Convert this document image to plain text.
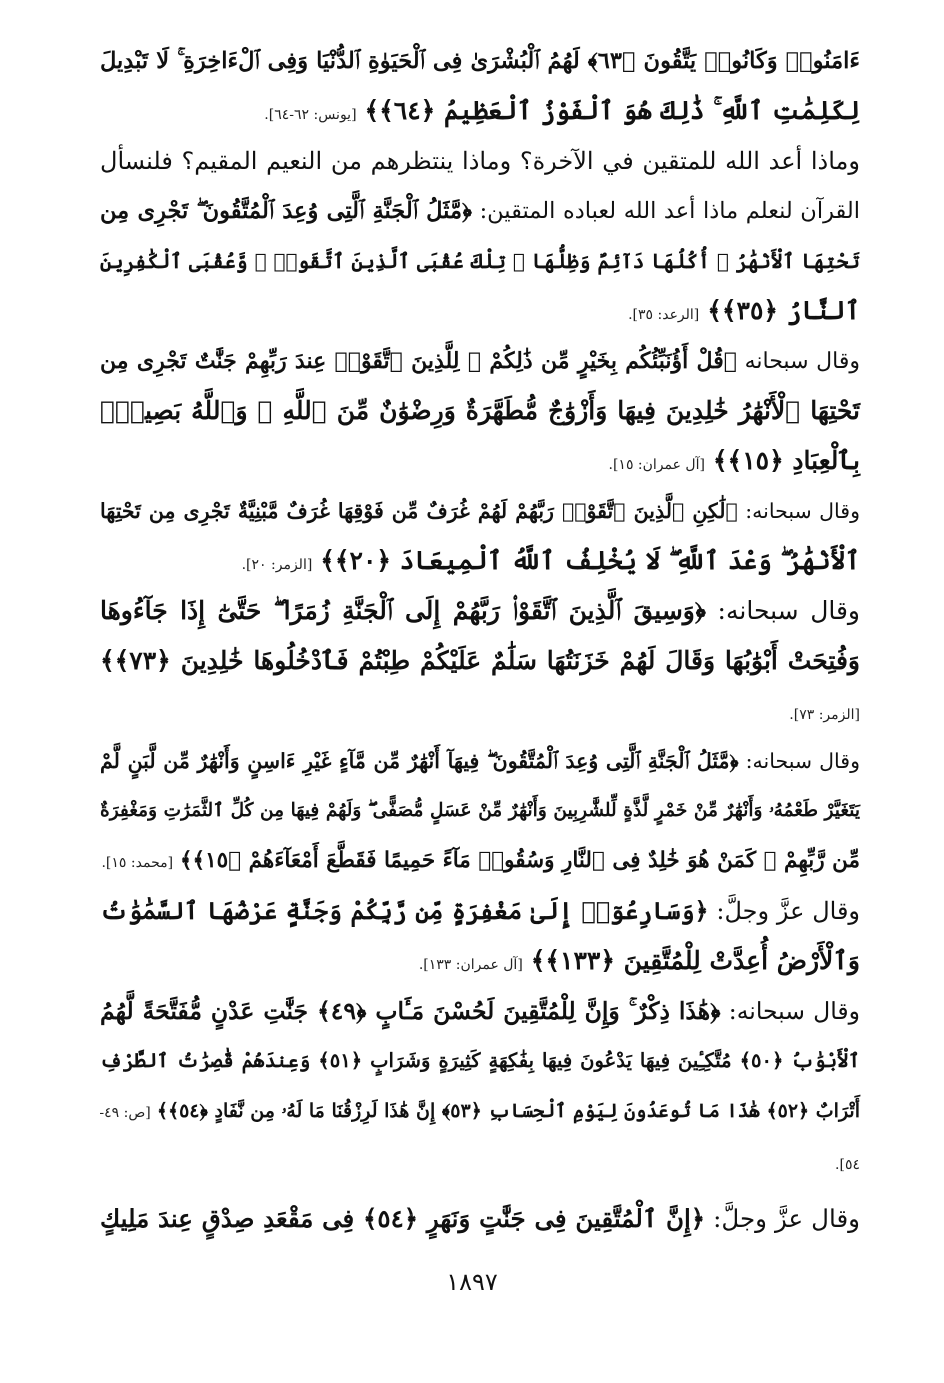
ءَامَنُوا۟ وَكَانُوا۟ يَتَّقُونَ ﴿٦٣﴾ لَهُمُ ٱلْبُشْرَىٰ فِى ٱلْحَيَوٰةِ ٱلدُّنْيَا وَفِى ٱلْءَاخِرَةِ ۚ لَا تَبْدِيلَ
لِكَلِمَٰتِ ٱللَّهِ ۚ ذَٰلِكَ هُوَ ٱلْفَوْزُ ٱلْعَظِيمُ ﴿٦٤﴾﴾ [يونس: ٦٢-٦٤].
وماذا أعد الله للمتقين في الآخرة؟ وماذا ينتظرهم من النعيم المقيم؟ فلنسأل
القرآن لنعلم ماذا أعد الله لعباده المتقين: ﴿مَّثَلُ ٱلْجَنَّةِ ٱلَّتِى وُعِدَ ٱلْمُتَّقُونَ ۖ تَجْرِى مِن
تَحْتِهَا ٱلْأَنْهَٰرُ ۖ أُكُلُهَا دَآئِمٌ وَظِلُّهَا ۚ تِلْكَ عُقْبَى ٱلَّذِينَ ٱتَّقَوا۟ ۖ وَّعُقْبَى ٱلْكَٰفِرِينَ
ٱلنَّارُ ﴿٣٥﴾﴾ [الرعد: ٣٥].
وقال سبحانه ﴿قُلْ أَؤُنَبِّئُكُم بِخَيْرٍ مِّن ذَٰلِكُمْ ۚ لِلَّذِينَ ٱتَّقَوْا۟ عِندَ رَبِّهِمْ جَنَّٰتٌ تَجْرِى مِن
تَحْتِهَا ٱلْأَنْهَٰرُ خَٰلِدِينَ فِيهَا وَأَزْوَٰجٌ مُّطَهَّرَةٌ وَرِضْوَٰنٌ مِّنَ ٱللَّهِ ۗ وَٱللَّهُ بَصِيرٌۢ
بِٱلْعِبَادِ ﴿١٥﴾﴾ [آل عمران: ١٥].
وقال سبحانه: ﴿لَٰكِنِ ٱلَّذِينَ ٱتَّقَوْا۟ رَبَّهُمْ لَهُمْ غُرَفٌ مِّن فَوْقِهَا غُرَفٌ مَّبْنِيَّةٌ تَجْرِى مِن تَحْتِهَا
ٱلْأَنْهَٰرُ ۖ وَعْدَ ٱللَّهِ ۖ لَا يُخْلِفُ ٱللَّهُ ٱلْمِيعَادَ ﴿٢٠﴾﴾ [الزمر: ٢٠].
وقال سبحانه: ﴿وَسِيقَ ٱلَّذِينَ ٱتَّقَوْا۟ رَبَّهُمْ إِلَى ٱلْجَنَّةِ زُمَرًا ۖ حَتَّىٰٓ إِذَا جَآءُوهَا
وَفُتِحَتْ أَبْوَٰبُهَا وَقَالَ لَهُمْ خَزَنَتُهَا سَلَٰمٌ عَلَيْكُمْ طِبْتُمْ فَٱدْخُلُوهَا خَٰلِدِينَ ﴿٧٣﴾﴾
[الزمر: ٧٣].
وقال سبحانه: ﴿مَّثَلُ ٱلْجَنَّةِ ٱلَّتِى وُعِدَ ٱلْمُتَّقُونَ ۖ فِيهَآ أَنْهَٰرٌ مِّن مَّآءٍ غَيْرِ ءَاسِنٍ وَأَنْهَٰرٌ مِّن لَّبَنٍ لَّمْ
يَتَغَيَّرْ طَعْمُهُۥ وَأَنْهَٰرٌ مِّنْ خَمْرٍ لَّذَّةٍ لِّلشَّٰرِبِينَ وَأَنْهَٰرٌ مِّنْ عَسَلٍ مُّصَفًّى ۖ وَلَهُمْ فِيهَا مِن كُلِّ ٱلثَّمَرَٰتِ وَمَغْفِرَةٌ
مِّن رَّبِّهِمْ ۖ كَمَنْ هُوَ خَٰلِدٌ فِى ٱلنَّارِ وَسُقُوا۟ مَآءً حَمِيمًا فَقَطَّعَ أَمْعَآءَهُمْ ﴿١٥﴾﴾ [محمد: ١٥].
وقال عزَّ وجلَّ: ﴿وَسَارِعُوٓا۟ إِلَىٰ مَغْفِرَةٍ مِّن رَّبِّكُمْ وَجَنَّةٍ عَرْضُهَا ٱلسَّمَٰوَٰتُ
وَٱلْأَرْضُ أُعِدَّتْ لِلْمُتَّقِينَ ﴿١٣٣﴾﴾ [آل عمران: ١٣٣].
وقال سبحانه: ﴿هَٰذَا ذِكْرٌ ۚ وَإِنَّ لِلْمُتَّقِينَ لَحُسْنَ مَـَٔابٍ ﴿٤٩﴾ جَنَّٰتِ عَدْنٍ مُّفَتَّحَةً لَّهُمُ
ٱلْأَبْوَٰبُ ﴿٥٠﴾ مُتَّكِـِٔينَ فِيهَا يَدْعُونَ فِيهَا بِفَٰكِهَةٍ كَثِيرَةٍ وَشَرَابٍ ﴿٥١﴾ وَعِندَهُمْ قَٰصِرَٰتُ ٱلطَّرْفِ
أَتْرَابٌ ﴿٥٢﴾ هَٰذَا مَا تُوعَدُونَ لِيَوْمِ ٱلْحِسَابِ ﴿٥٣﴾ إِنَّ هَٰذَا لَرِزْقُنَا مَا لَهُۥ مِن نَّفَادٍ ﴿٥٤﴾﴾ [ص: ٤٩-
٥٤].
وقال عزَّ وجلَّ: ﴿إِنَّ ٱلْمُتَّقِينَ فِى جَنَّٰتٍ وَنَهَرٍ ﴿٥٤﴾ فِى مَقْعَدِ صِدْقٍ عِندَ مَلِيكٍ
١٨٩٧
